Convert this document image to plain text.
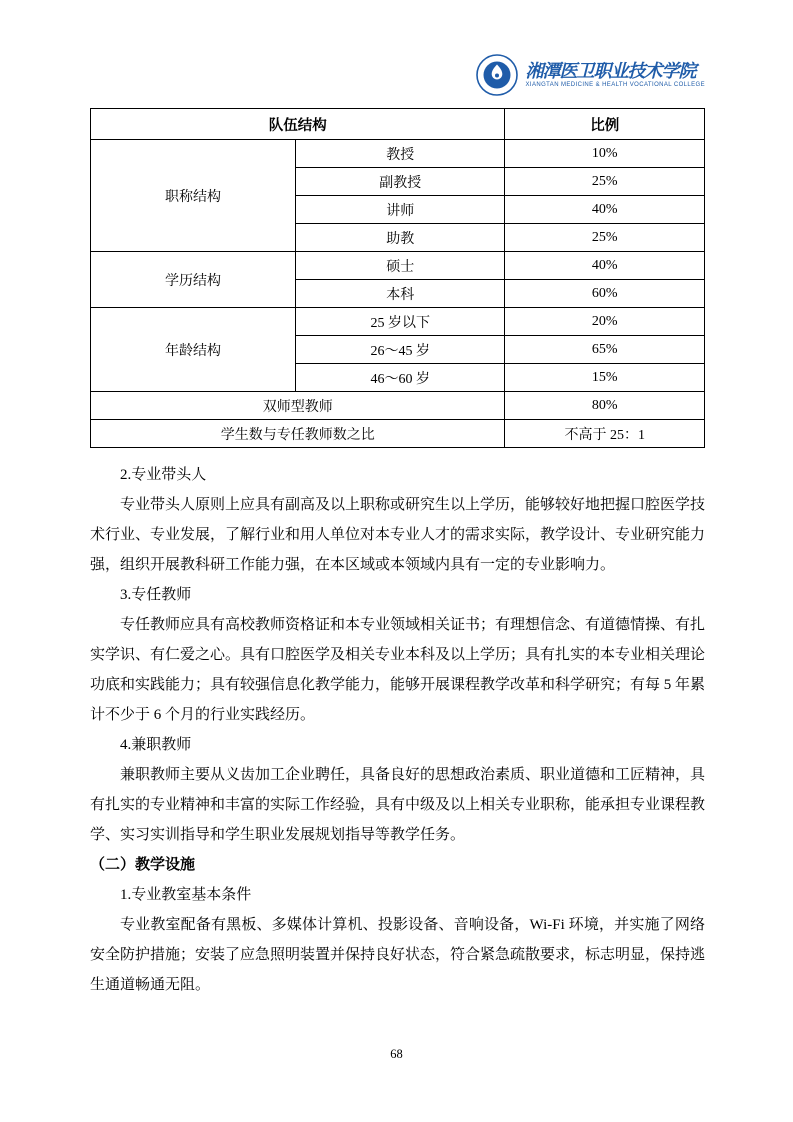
湘潭医卫职业技术学院
XIANGTAN MEDICINE & HEALTH VOCATIONAL COLLEGE
队伍结构		比例
职称结构	教授	10%
	副教授	25%
	讲师	40%
	助教	25%
学历结构	硕士	40%
	本科	60%
年龄结构	25 岁以下	20%
	26～45 岁	65%
	46～60 岁	15%
双师型教师		80%
学生数与专任教师数之比		不高于 25：1

2.专业带头人

专业带头人原则上应具有副高及以上职称或研究生以上学历，能够较好地把握口腔医学技术行业、专业发展，了解行业和用人单位对本专业人才的需求实际，教学设计、专业研究能力强，组织开展教科研工作能力强，在本区域或本领域内具有一定的专业影响力。

3.专任教师

专任教师应具有高校教师资格证和本专业领域相关证书；有理想信念、有道德情操、有扎实学识、有仁爱之心。具有口腔医学及相关专业本科及以上学历；具有扎实的本专业相关理论功底和实践能力；具有较强信息化教学能力，能够开展课程教学改革和科学研究；有每 5 年累计不少于 6 个月的行业实践经历。

4.兼职教师

兼职教师主要从义齿加工企业聘任，具备良好的思想政治素质、职业道德和工匠精神，具有扎实的专业精神和丰富的实际工作经验，具有中级及以上相关专业职称，能承担专业课程教学、实习实训指导和学生职业发展规划指导等教学任务。

（二）教学设施

1.专业教室基本条件

专业教室配备有黑板、多媒体计算机、投影设备、音响设备，Wi-Fi 环境，并实施了网络安全防护措施；安装了应急照明装置并保持良好状态，符合紧急疏散要求，标志明显，保持逃生通道畅通无阻。

68
